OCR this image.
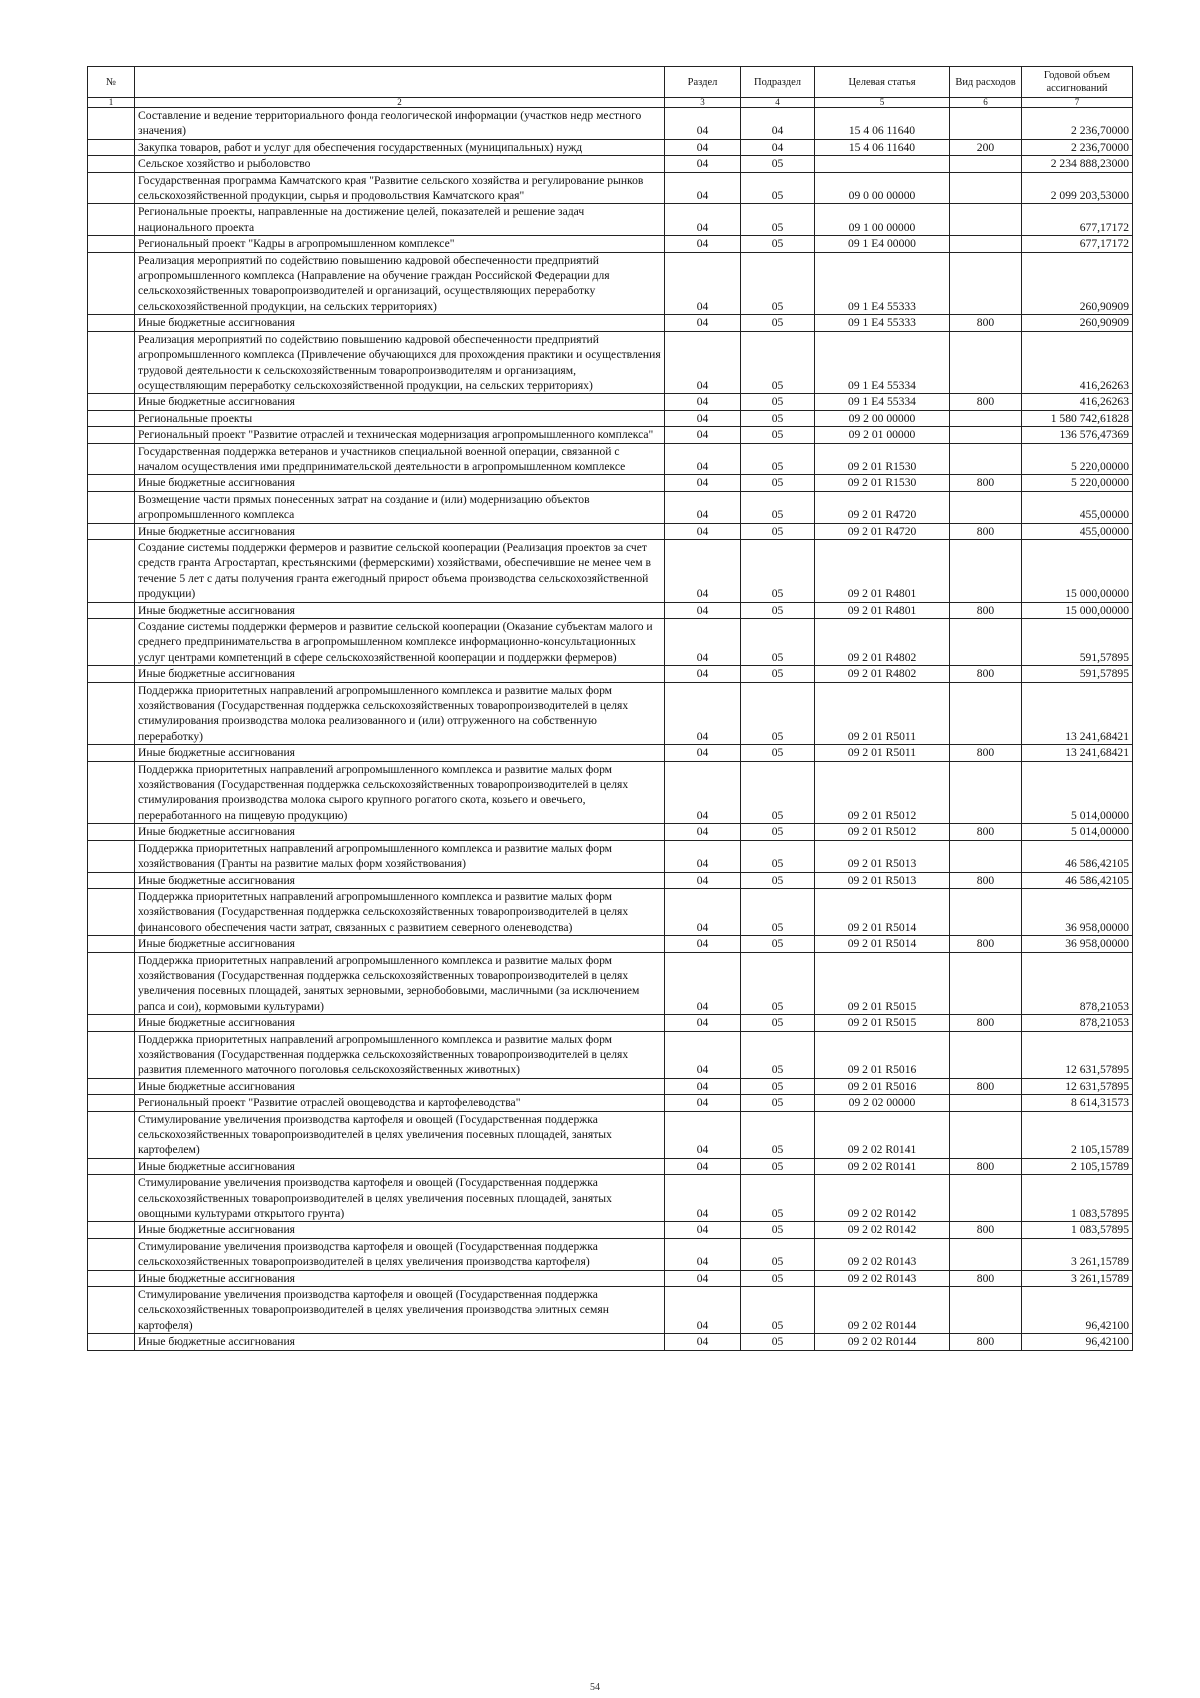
№		Раздел	Подраздел	Целевая статья	Вид расходов	Годовой объем ассигнований
1	2	3	4	5	6	7
	Составление и ведение территориального фонда геологической информации (участков недр местного значения)	04	04	15 4 06 11640		2 236,70000
	Закупка товаров, работ и услуг для обеспечения государственных (муниципальных) нужд	04	04	15 4 06 11640	200	2 236,70000
	Сельское хозяйство и рыболовство	04	05			2 234 888,23000
	Государственная программа Камчатского края "Развитие сельского хозяйства и регулирование рынков сельскохозяйственной продукции, сырья и продовольствия Камчатского края"	04	05	09 0 00 00000		2 099 203,53000
	Региональные проекты, направленные на достижение целей, показателей и решение задач национального проекта	04	05	09 1 00 00000		677,17172
	Региональный проект "Кадры в агропромышленном комплексе"	04	05	09 1 E4 00000		677,17172
	Реализация мероприятий по содействию повышению кадровой обеспеченности предприятий агропромышленного комплекса (Направление на обучение граждан Российской Федерации для сельскохозяйственных товаропроизводителей и организаций, осуществляющих переработку сельскохозяйственной продукции, на сельских территориях)	04	05	09 1 E4 55333		260,90909
	Иные бюджетные ассигнования	04	05	09 1 E4 55333	800	260,90909
	Реализация мероприятий по содействию повышению кадровой обеспеченности предприятий агропромышленного комплекса (Привлечение обучающихся для прохождения практики и осуществления трудовой деятельности к сельскохозяйственным товаропроизводителям и организациям, осуществляющим переработку сельскохозяйственной продукции, на сельских территориях)	04	05	09 1 E4 55334		416,26263
	Иные бюджетные ассигнования	04	05	09 1 E4 55334	800	416,26263
	Региональные проекты	04	05	09 2 00 00000		1 580 742,61828
	Региональный проект "Развитие отраслей и техническая модернизация агропромышленного комплекса"	04	05	09 2 01 00000		136 576,47369
	Государственная поддержка ветеранов и участников специальной военной операции, связанной с началом осуществления ими предпринимательской деятельности в агропромышленном комплексе	04	05	09 2 01 R1530		5 220,00000
	Иные бюджетные ассигнования	04	05	09 2 01 R1530	800	5 220,00000
	Возмещение части прямых понесенных затрат на создание и (или) модернизацию объектов агропромышленного комплекса	04	05	09 2 01 R4720		455,00000
	Иные бюджетные ассигнования	04	05	09 2 01 R4720	800	455,00000
	Создание системы поддержки фермеров и развитие сельской кооперации (Реализация проектов за счет средств гранта Агростартап, крестьянскими (фермерскими) хозяйствами, обеспечившие не менее чем в течение 5 лет с даты получения гранта ежегодный прирост объема производства сельскохозяйственной продукции)	04	05	09 2 01 R4801		15 000,00000
	Иные бюджетные ассигнования	04	05	09 2 01 R4801	800	15 000,00000
	Создание системы поддержки фермеров и развитие сельской кооперации (Оказание субъектам малого и среднего предпринимательства в агропромышленном комплексе информационно-консультационных услуг центрами компетенций в сфере сельскохозяйственной кооперации и поддержки фермеров)	04	05	09 2 01 R4802		591,57895
	Иные бюджетные ассигнования	04	05	09 2 01 R4802	800	591,57895
	Поддержка приоритетных направлений агропромышленного комплекса и развитие малых форм хозяйствования (Государственная поддержка сельскохозяйственных товаропроизводителей в целях стимулирования производства молока реализованного и (или) отгруженного на собственную переработку)	04	05	09 2 01 R5011		13 241,68421
	Иные бюджетные ассигнования	04	05	09 2 01 R5011	800	13 241,68421
	Поддержка приоритетных направлений агропромышленного комплекса и развитие малых форм хозяйствования (Государственная поддержка сельскохозяйственных товаропроизводителей в целях стимулирования производства молока сырого крупного рогатого скота, козьего и овечьего, переработанного на пищевую продукцию)	04	05	09 2 01 R5012		5 014,00000
	Иные бюджетные ассигнования	04	05	09 2 01 R5012	800	5 014,00000
	Поддержка приоритетных направлений агропромышленного комплекса и развитие малых форм хозяйствования (Гранты на развитие малых форм хозяйствования)	04	05	09 2 01 R5013		46 586,42105
	Иные бюджетные ассигнования	04	05	09 2 01 R5013	800	46 586,42105
	Поддержка приоритетных направлений агропромышленного комплекса и развитие малых форм хозяйствования (Государственная поддержка сельскохозяйственных товаропроизводителей в целях финансового обеспечения части затрат, связанных с развитием северного оленеводства)	04	05	09 2 01 R5014		36 958,00000
	Иные бюджетные ассигнования	04	05	09 2 01 R5014	800	36 958,00000
	Поддержка приоритетных направлений агропромышленного комплекса и развитие малых форм хозяйствования (Государственная поддержка сельскохозяйственных товаропроизводителей в целях увеличения посевных площадей, занятых зерновыми, зернобобовыми, масличными (за исключением рапса и сои), кормовыми культурами)	04	05	09 2 01 R5015		878,21053
	Иные бюджетные ассигнования	04	05	09 2 01 R5015	800	878,21053
	Поддержка приоритетных направлений агропромышленного комплекса и развитие малых форм хозяйствования (Государственная поддержка сельскохозяйственных товаропроизводителей в целях развития племенного маточного поголовья сельскохозяйственных животных)	04	05	09 2 01 R5016		12 631,57895
	Иные бюджетные ассигнования	04	05	09 2 01 R5016	800	12 631,57895
	Региональный проект "Развитие отраслей овощеводства и картофелеводства"	04	05	09 2 02 00000		8 614,31573
	Стимулирование увеличения производства картофеля и овощей (Государственная поддержка сельскохозяйственных товаропроизводителей в целях увеличения посевных площадей, занятых картофелем)	04	05	09 2 02 R0141		2 105,15789
	Иные бюджетные ассигнования	04	05	09 2 02 R0141	800	2 105,15789
	Стимулирование увеличения производства картофеля и овощей (Государственная поддержка сельскохозяйственных товаропроизводителей в целях увеличения посевных площадей, занятых овощными культурами открытого грунта)	04	05	09 2 02 R0142		1 083,57895
	Иные бюджетные ассигнования	04	05	09 2 02 R0142	800	1 083,57895
	Стимулирование увеличения производства картофеля и овощей (Государственная поддержка сельскохозяйственных товаропроизводителей в целях увеличения производства картофеля)	04	05	09 2 02 R0143		3 261,15789
	Иные бюджетные ассигнования	04	05	09 2 02 R0143	800	3 261,15789
	Стимулирование увеличения производства картофеля и овощей (Государственная поддержка сельскохозяйственных товаропроизводителей в целях увеличения производства элитных семян картофеля)	04	05	09 2 02 R0144		96,42100
	Иные бюджетные ассигнования	04	05	09 2 02 R0144	800	96,42100
54
